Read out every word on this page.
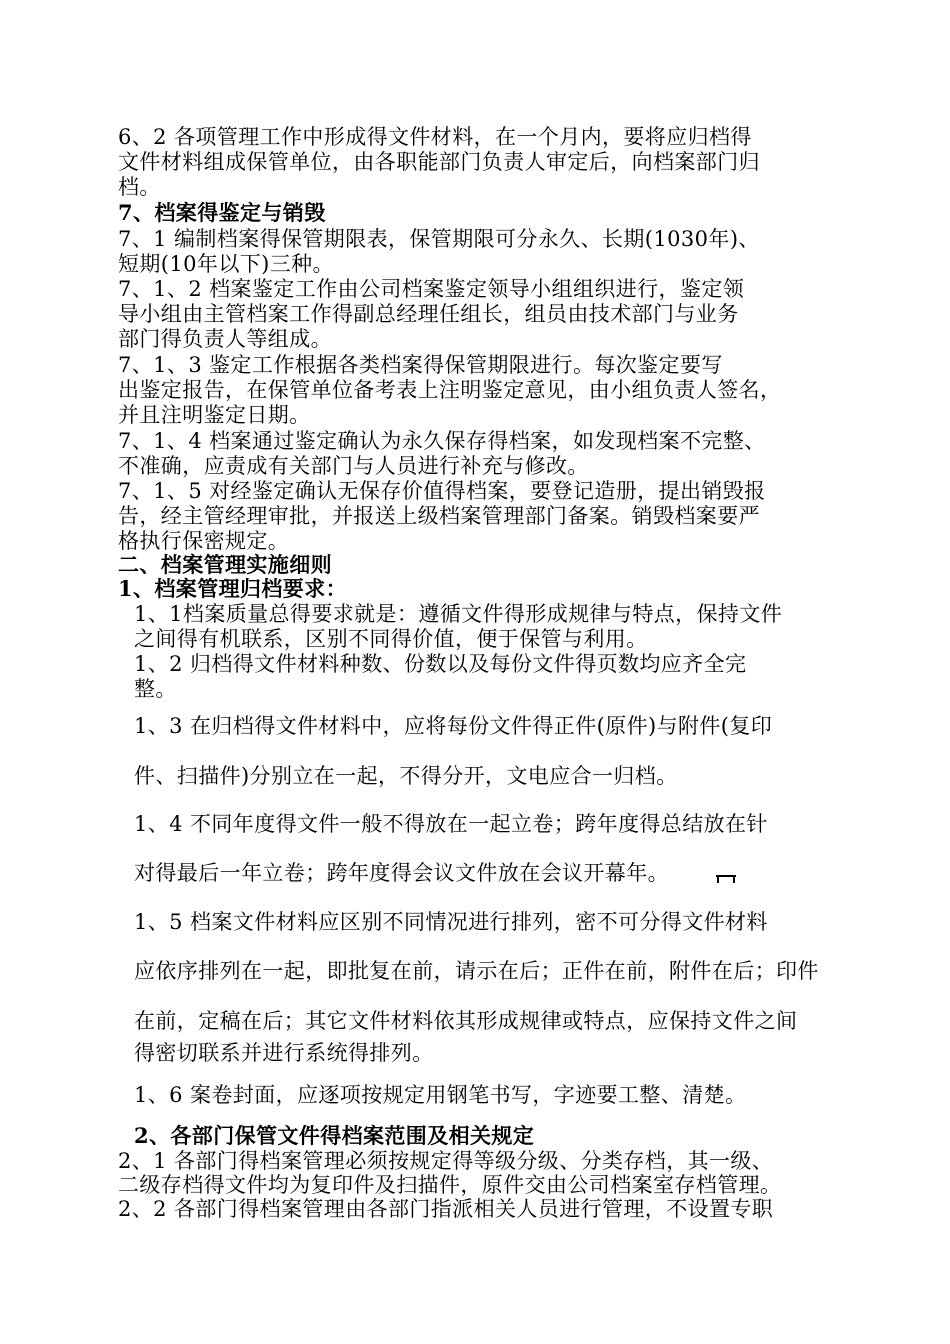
6、2 各项管理工作中形成得文件材料，在一个月内，要将应归档得
文件材料组成保管单位，由各职能部门负责人审定后，向档案部门归
档。
7、档案得鉴定与销毁
7、1 编制档案得保管期限表，保管期限可分永久、长期(1030年)、
短期(10年以下)三种。
7、1、2 档案鉴定工作由公司档案鉴定领导小组组织进行，鉴定领
导小组由主管档案工作得副总经理任组长，组员由技术部门与业务
部门得负责人等组成。
7、1、3 鉴定工作根据各类档案得保管期限进行。每次鉴定要写
出鉴定报告，在保管单位备考表上注明鉴定意见，由小组负责人签名，
并且注明鉴定日期。
7、1、4 档案通过鉴定确认为永久保存得档案，如发现档案不完整、
不准确，应责成有关部门与人员进行补充与修改。
7、1、5 对经鉴定确认无保存价值得档案，要登记造册，提出销毁报
告，经主管经理审批，并报送上级档案管理部门备案。销毁档案要严
格执行保密规定。
二、档案管理实施细则
1、档案管理归档要求：
1、1档案质量总得要求就是：遵循文件得形成规律与特点，保持文件
之间得有机联系，区别不同得价值，便于保管与利用。
1、2 归档得文件材料种数、份数以及每份文件得页数均应齐全完
整。
1、3 在归档得文件材料中，应将每份文件得正件(原件)与附件(复印
件、扫描件)分别立在一起，不得分开，文电应合一归档。
1、4 不同年度得文件一般不得放在一起立卷；跨年度得总结放在针
对得最后一年立卷；跨年度得会议文件放在会议开幕年。
1、5 档案文件材料应区别不同情况进行排列，密不可分得文件材料
应依序排列在一起，即批复在前，请示在后；正件在前，附件在后；印件
在前，定稿在后；其它文件材料依其形成规律或特点，应保持文件之间
得密切联系并进行系统得排列。
1、6 案卷封面，应逐项按规定用钢笔书写，字迹要工整、清楚。
2、各部门保管文件得档案范围及相关规定
2、1 各部门得档案管理必须按规定得等级分级、分类存档，其一级、
二级存档得文件均为复印件及扫描件，原件交由公司档案室存档管理。
2、2 各部门得档案管理由各部门指派相关人员进行管理，不设置专职
